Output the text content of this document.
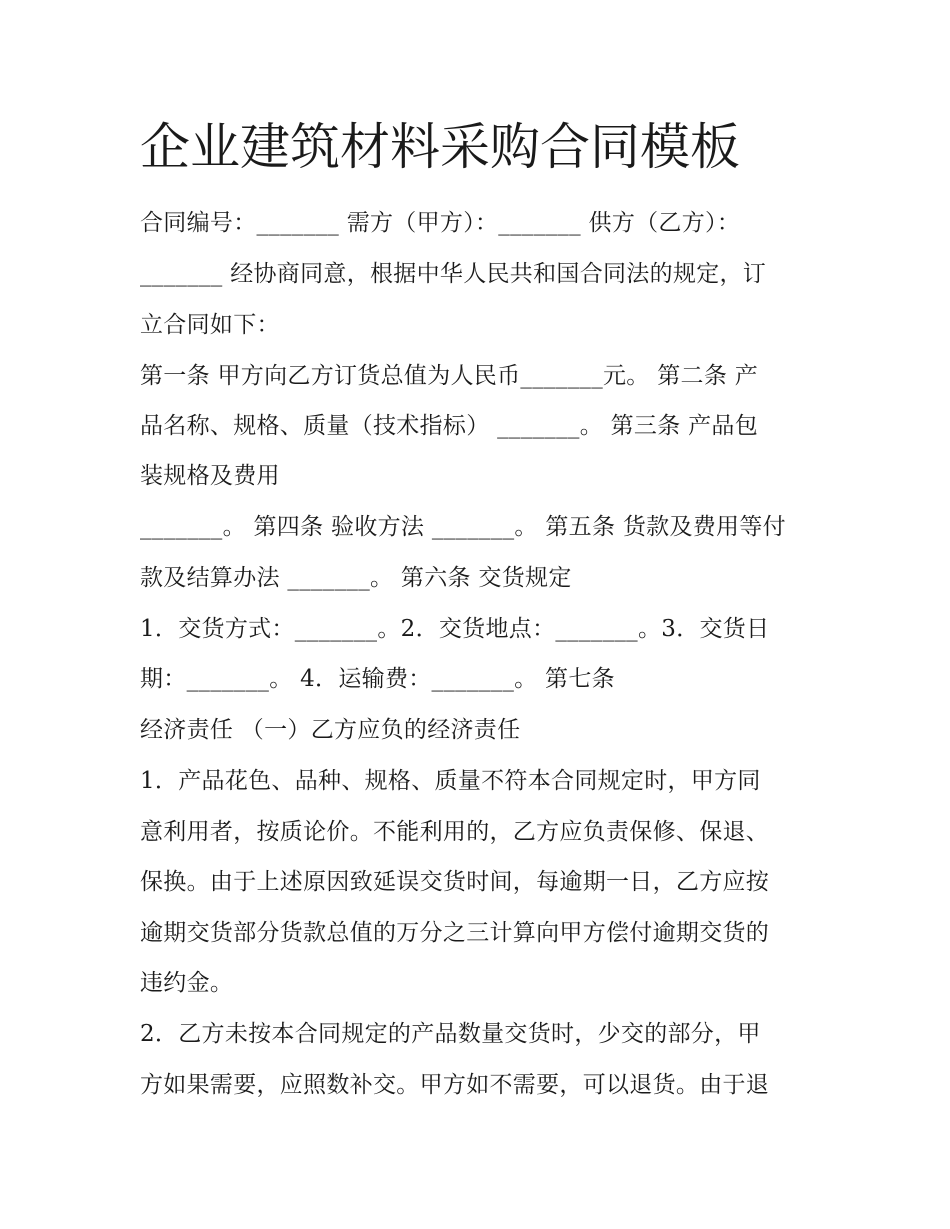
企业建筑材料采购合同模板

合同编号：_______ 需方（甲方）：_______ 供方（乙方）：

_______ 经协商同意，根据中华人民共和国合同法的规定，订

立合同如下：

第一条 甲方向乙方订货总值为人民币_______元。 第二条 产

品名称、规格、质量（技术指标） _______。 第三条 产品包

装规格及费用

_______。 第四条 验收方法 _______。 第五条 货款及费用等付

款及结算办法 _______。 第六条 交货规定

1．交货方式：_______。2．交货地点：_______。3．交货日

期：_______。 4．运输费：_______。 第七条

经济责任 （一）乙方应负的经济责任

1．产品花色、品种、规格、质量不符本合同规定时，甲方同

意利用者，按质论价。不能利用的，乙方应负责保修、保退、

保换。由于上述原因致延误交货时间，每逾期一日，乙方应按

逾期交货部分货款总值的万分之三计算向甲方偿付逾期交货的

违约金。

2．乙方未按本合同规定的产品数量交货时，少交的部分，甲

方如果需要，应照数补交。甲方如不需要，可以退货。由于退
